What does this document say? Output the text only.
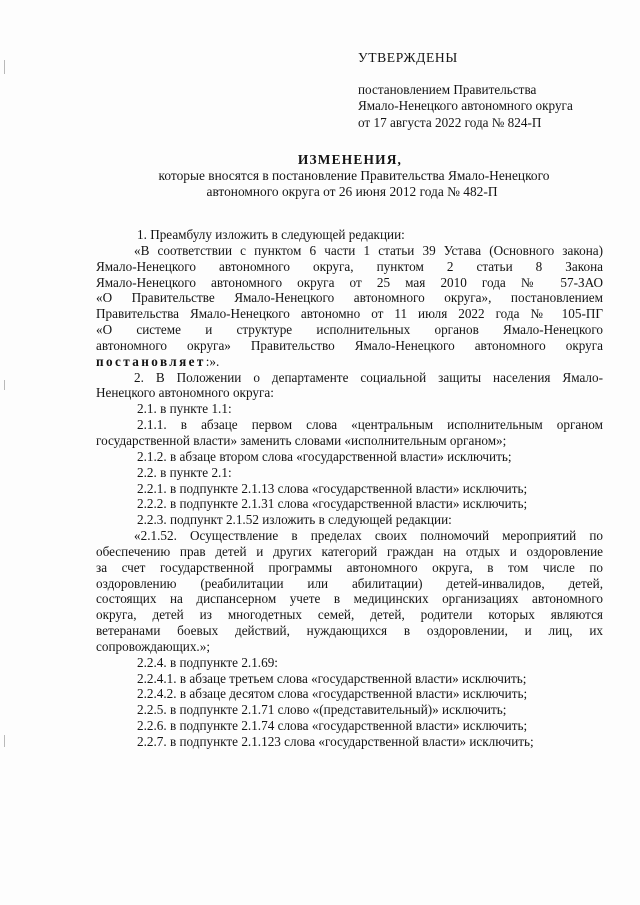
УТВЕРЖДЕНЫ
постановлением Правительства
Ямало-Ненецкого автономного округа
от 17 августа 2022 года № 824-П
ИЗМЕНЕНИЯ,
которые вносятся в постановление Правительства Ямало-Ненецкого
автономного округа от 26 июня 2012 года № 482-П
1. Преамбулу изложить в следующей редакции:
«В соответствии с пунктом 6 части 1 статьи 39 Устава (Основного закона)
Ямало-Ненецкого автономного округа, пунктом 2 статьи 8 Закона
Ямало-Ненецкого автономного округа от 25 мая 2010 года № 57-ЗАО
«О Правительстве Ямало-Ненецкого автономного округа», постановлением
Правительства Ямало-Ненецкого автономно от 11 июля 2022 года № 105-ПГ
«О системе и структуре исполнительных органов Ямало-Ненецкого
автономного округа» Правительство Ямало-Ненецкого автономного округа
постановляет:».
2. В Положении о департаменте социальной защиты населения Ямало-
Ненецкого автономного округа:
2.1. в пункте 1.1:
2.1.1. в абзаце первом слова «центральным исполнительным органом
государственной власти» заменить словами «исполнительным органом»;
2.1.2. в абзаце втором слова «государственной власти» исключить;
2.2. в пункте 2.1:
2.2.1. в подпункте 2.1.13 слова «государственной власти» исключить;
2.2.2. в подпункте 2.1.31 слова «государственной власти» исключить;
2.2.3. подпункт 2.1.52 изложить в следующей редакции:
«2.1.52. Осуществление в пределах своих полномочий мероприятий по
обеспечению прав детей и других категорий граждан на отдых и оздоровление
за счет государственной программы автономного округа, в том числе по
оздоровлению (реабилитации или абилитации) детей-инвалидов, детей,
состоящих на диспансерном учете в медицинских организациях автономного
округа, детей из многодетных семей, детей, родители которых являются
ветеранами боевых действий, нуждающихся в оздоровлении, и лиц, их
сопровождающих.»;
2.2.4. в подпункте 2.1.69:
2.2.4.1. в абзаце третьем слова «государственной власти» исключить;
2.2.4.2. в абзаце десятом слова «государственной власти» исключить;
2.2.5. в подпункте 2.1.71 слово «(представительный)» исключить;
2.2.6. в подпункте 2.1.74 слова «государственной власти» исключить;
2.2.7. в подпункте 2.1.123 слова «государственной власти» исключить;
